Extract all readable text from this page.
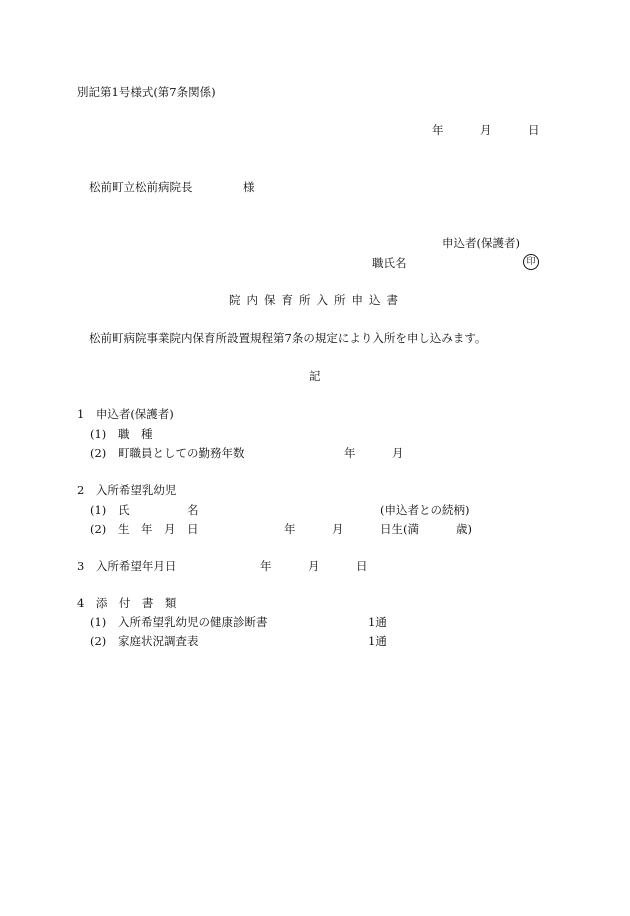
別記第1号様式(第7条関係)
年	月	日
松前町立松前病院長	様
申込者(保護者)
職氏名	印
院内保育所入所申込書
松前町病院事業院内保育所設置規程第7条の規定により入所を申し込みます。
記
1　申込者(保護者)
(1) 職　種
(2) 町職員としての勤務年数	年	月
2　入所希望乳幼児
(1) 氏　　　　　名	(申込者との続柄)
(2) 生　年　月　日	年	月	日生(満	歳)
3　入所希望年月日	年	月	日
4　添　付　書　類
(1) 入所希望乳幼児の健康診断書	1通
(2) 家庭状況調査表	1通
